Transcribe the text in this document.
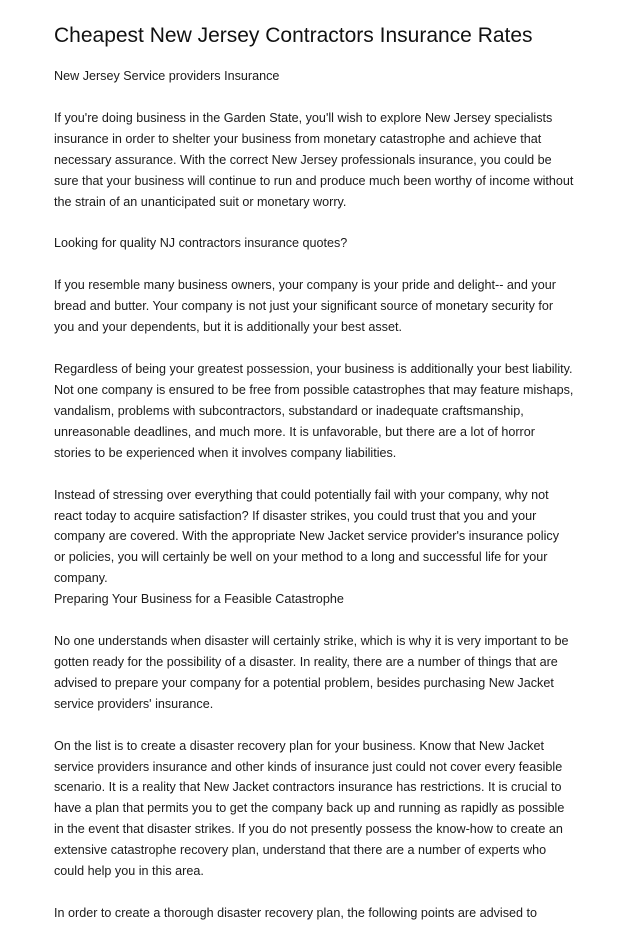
Cheapest New Jersey Contractors Insurance Rates

New Jersey Service providers Insurance

If you're doing business in the Garden State, you'll wish to explore New Jersey specialists
insurance in order to shelter your business from monetary catastrophe and achieve that
necessary assurance. With the correct New Jersey professionals insurance, you could be
sure that your business will continue to run and produce much been worthy of income without
the strain of an unanticipated suit or monetary worry.

Looking for quality NJ contractors insurance quotes?

If you resemble many business owners, your company is your pride and delight-- and your
bread and butter. Your company is not just your significant source of monetary security for
you and your dependents, but it is additionally your best asset.

Regardless of being your greatest possession, your business is additionally your best liability.
Not one company is ensured to be free from possible catastrophes that may feature mishaps,
vandalism, problems with subcontractors, substandard or inadequate craftsmanship,
unreasonable deadlines, and much more. It is unfavorable, but there are a lot of horror
stories to be experienced when it involves company liabilities.

Instead of stressing over everything that could potentially fail with your company, why not
react today to acquire satisfaction? If disaster strikes, you could trust that you and your
company are covered. With the appropriate New Jacket service provider's insurance policy
or policies, you will certainly be well on your method to a long and successful life for your
company.

Preparing Your Business for a Feasible Catastrophe

No one understands when disaster will certainly strike, which is why it is very important to be
gotten ready for the possibility of a disaster. In reality, there are a number of things that are
advised to prepare your company for a potential problem, besides purchasing New Jacket
service providers' insurance.

On the list is to create a disaster recovery plan for your business. Know that New Jacket
service providers insurance and other kinds of insurance just could not cover every feasible
scenario. It is a reality that New Jacket contractors insurance has restrictions. It is crucial to
have a plan that permits you to get the company back up and running as rapidly as possible
in the event that disaster strikes. If you do not presently possess the know-how to create an
extensive catastrophe recovery plan, understand that there are a number of experts who
could help you in this area.

In order to create a thorough disaster recovery plan, the following points are advised to
